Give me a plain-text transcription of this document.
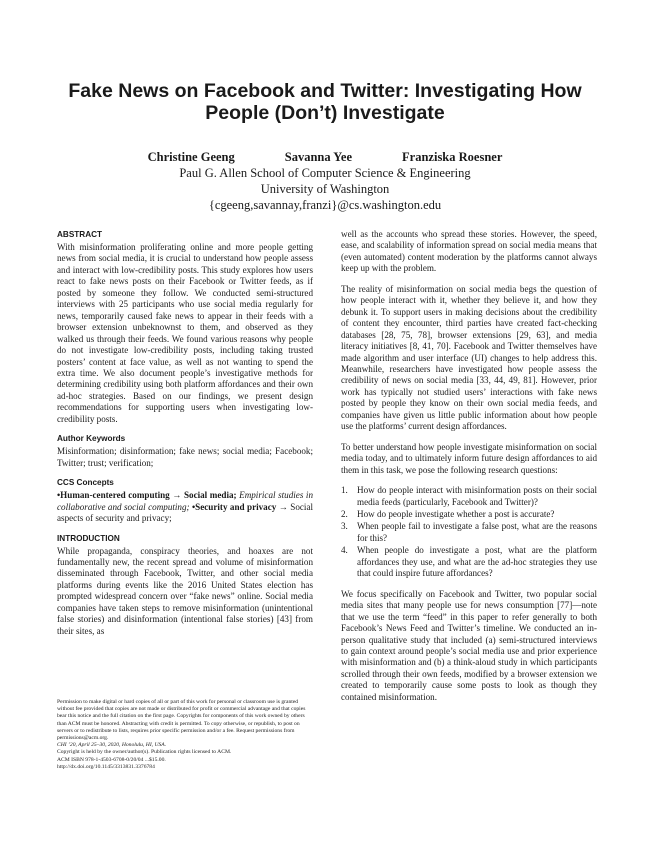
Fake News on Facebook and Twitter: Investigating How People (Don’t) Investigate
Christine Geeng	Savanna Yee	Franziska Roesner
Paul G. Allen School of Computer Science & Engineering
University of Washington
{cgeeng,savannay,franzi}@cs.washington.edu
ABSTRACT

With misinformation proliferating online and more people getting news from social media, it is crucial to understand how people assess and interact with low-credibility posts. This study explores how users react to fake news posts on their Facebook or Twitter feeds, as if posted by someone they follow. We conducted semi-structured interviews with 25 participants who use social media regularly for news, temporarily caused fake news to appear in their feeds with a browser extension unbeknownst to them, and observed as they walked us through their feeds. We found various reasons why people do not investigate low-credibility posts, including taking trusted posters’ content at face value, as well as not wanting to spend the extra time. We also document people’s investigative methods for determining credibility using both platform affordances and their own ad-hoc strategies. Based on our findings, we present design recommendations for supporting users when investigating low-credibility posts.

Author Keywords

Misinformation; disinformation; fake news; social media; Facebook; Twitter; trust; verification;

CCS Concepts

•Human-centered computing → Social media; Empirical studies in collaborative and social computing; •Security and privacy → Social aspects of security and privacy;

INTRODUCTION

While propaganda, conspiracy theories, and hoaxes are not fundamentally new, the recent spread and volume of misinformation disseminated through Facebook, Twitter, and other social media platforms during events like the 2016 United States election has prompted widespread concern over “fake news” online. Social media companies have taken steps to remove misinformation (unintentional false stories) and disinformation (intentional false stories) [43] from their sites, as

Permission to make digital or hard copies of all or part of this work for personal or classroom use is granted without fee provided that copies are not made or distributed for profit or commercial advantage and that copies bear this notice and the full citation on the first page. Copyrights for components of this work owned by others than ACM must be honored. Abstracting with credit is permitted. To copy otherwise, or republish, to post on servers or to redistribute to lists, requires prior specific permission and/or a fee. Request permissions from permissions@acm.org.

CHI ’20, April 25–30, 2020, Honolulu, HI, USA.

Copyright is held by the owner/author(s). Publication rights licensed to ACM.

ACM ISBN 978-1-4503-6708-0/20/04 ...$15.00.

http://dx.doi.org/10.1145/3313831.3376784

well as the accounts who spread these stories. However, the speed, ease, and scalability of information spread on social media means that (even automated) content moderation by the platforms cannot always keep up with the problem.

The reality of misinformation on social media begs the question of how people interact with it, whether they believe it, and how they debunk it. To support users in making decisions about the credibility of content they encounter, third parties have created fact-checking databases [28, 75, 78], browser extensions [29, 63], and media literacy initiatives [8, 41, 70]. Facebook and Twitter themselves have made algorithm and user interface (UI) changes to help address this. Meanwhile, researchers have investigated how people assess the credibility of news on social media [33, 44, 49, 81]. However, prior work has typically not studied users’ interactions with fake news posted by people they know on their own social media feeds, and companies have given us little public information about how people use the platforms’ current design affordances.

To better understand how people investigate misinformation on social media today, and to ultimately inform future design affordances to aid them in this task, we pose the following research questions:

1.	How do people interact with misinformation posts on their social media feeds (particularly, Facebook and Twitter)?
2.	How do people investigate whether a post is accurate?
3.	When people fail to investigate a false post, what are the reasons for this?
4.	When people do investigate a post, what are the platform affordances they use, and what are the ad-hoc strategies they use that could inspire future affordances?

We focus specifically on Facebook and Twitter, two popular social media sites that many people use for news consumption [77]—note that we use the term “feed” in this paper to refer generally to both Facebook’s News Feed and Twitter’s timeline. We conducted an in-person qualitative study that included (a) semi-structured interviews to gain context around people’s social media use and prior experience with misinformation and (b) a think-aloud study in which participants scrolled through their own feeds, modified by a browser extension we created to temporarily cause some posts to look as though they contained misinformation.
